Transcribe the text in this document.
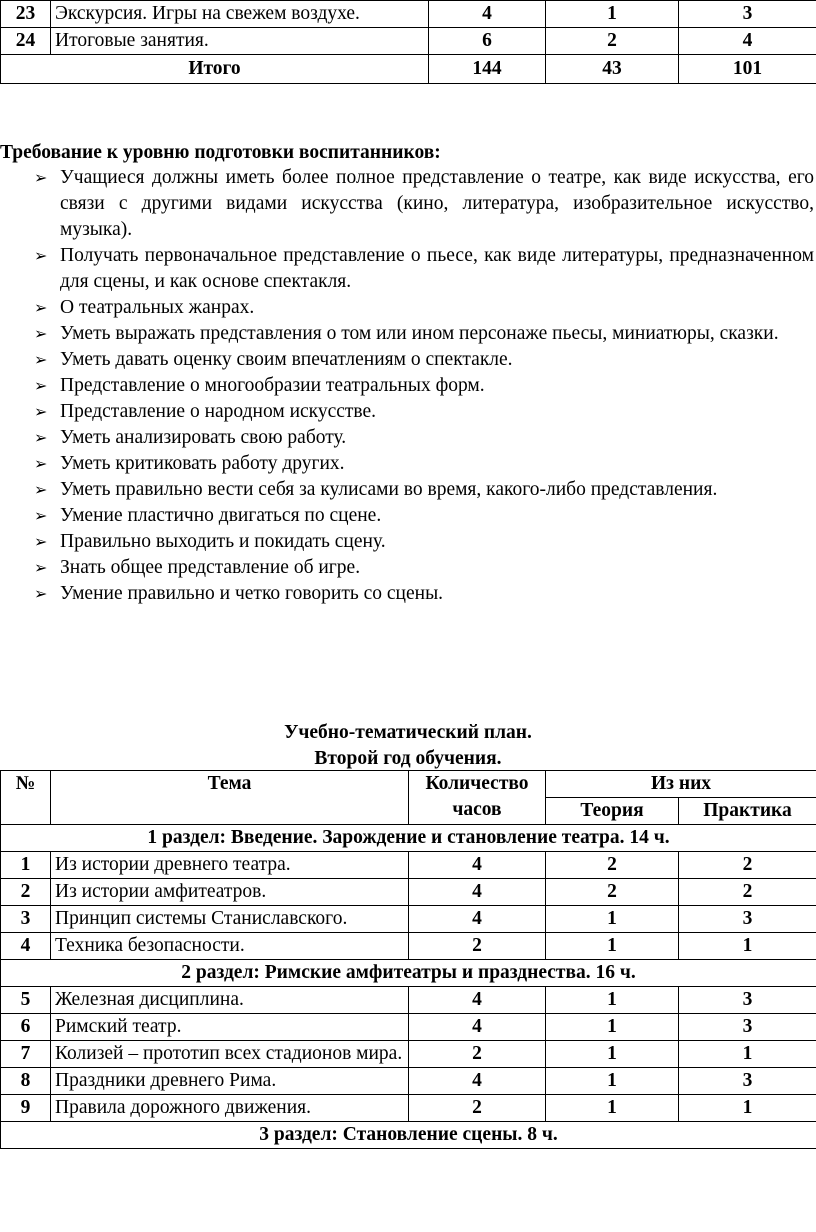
23	Экскурсия. Игры на свежем воздухе.	4	1	3
24	Итоговые занятия.	6	2	4
Итого		144	43	101
Требование к уровню подготовки воспитанников:
➢ Учащиеся должны иметь более полное представление о театре, как виде искусства, его связи с другими видами искусства (кино, литература, изобразительное искусство, музыка).
➢ Получать первоначальное представление о пьесе, как виде литературы, предназначенном для сцены, и как основе спектакля.
➢ О театральных жанрах.
➢ Уметь выражать представления о том или ином персонаже пьесы, миниатюры, сказки.
➢ Уметь давать оценку своим впечатлениям о спектакле.
➢ Представление о многообразии театральных форм.
➢ Представление о народном искусстве.
➢ Уметь анализировать свою работу.
➢ Уметь критиковать работу других.
➢ Уметь правильно вести себя за кулисами во время, какого-либо представления.
➢ Умение пластично двигаться по сцене.
➢ Правильно выходить и покидать сцену.
➢ Знать общее представление об игре.
➢ Умение правильно и четко говорить со сцены.
Учебно-тематический план.
Второй год обучения.
№	Тема	Количество часов	Из них	
			Теория	Практика
1 раздел: Введение. Зарождение и становление театра. 14 ч.				
1	Из истории древнего театра.	4	2	2
2	Из истории амфитеатров.	4	2	2
3	Принцип системы Станиславского.	4	1	3
4	Техника безопасности.	2	1	1
2 раздел: Римские амфитеатры и празднества. 16 ч.				
5	Железная дисциплина.	4	1	3
6	Римский театр.	4	1	3
7	Колизей – прототип всех стадионов мира.	2	1	1
8	Праздники древнего Рима.	4	1	3
9	Правила дорожного движения.	2	1	1
3 раздел: Становление сцены. 8 ч.				
